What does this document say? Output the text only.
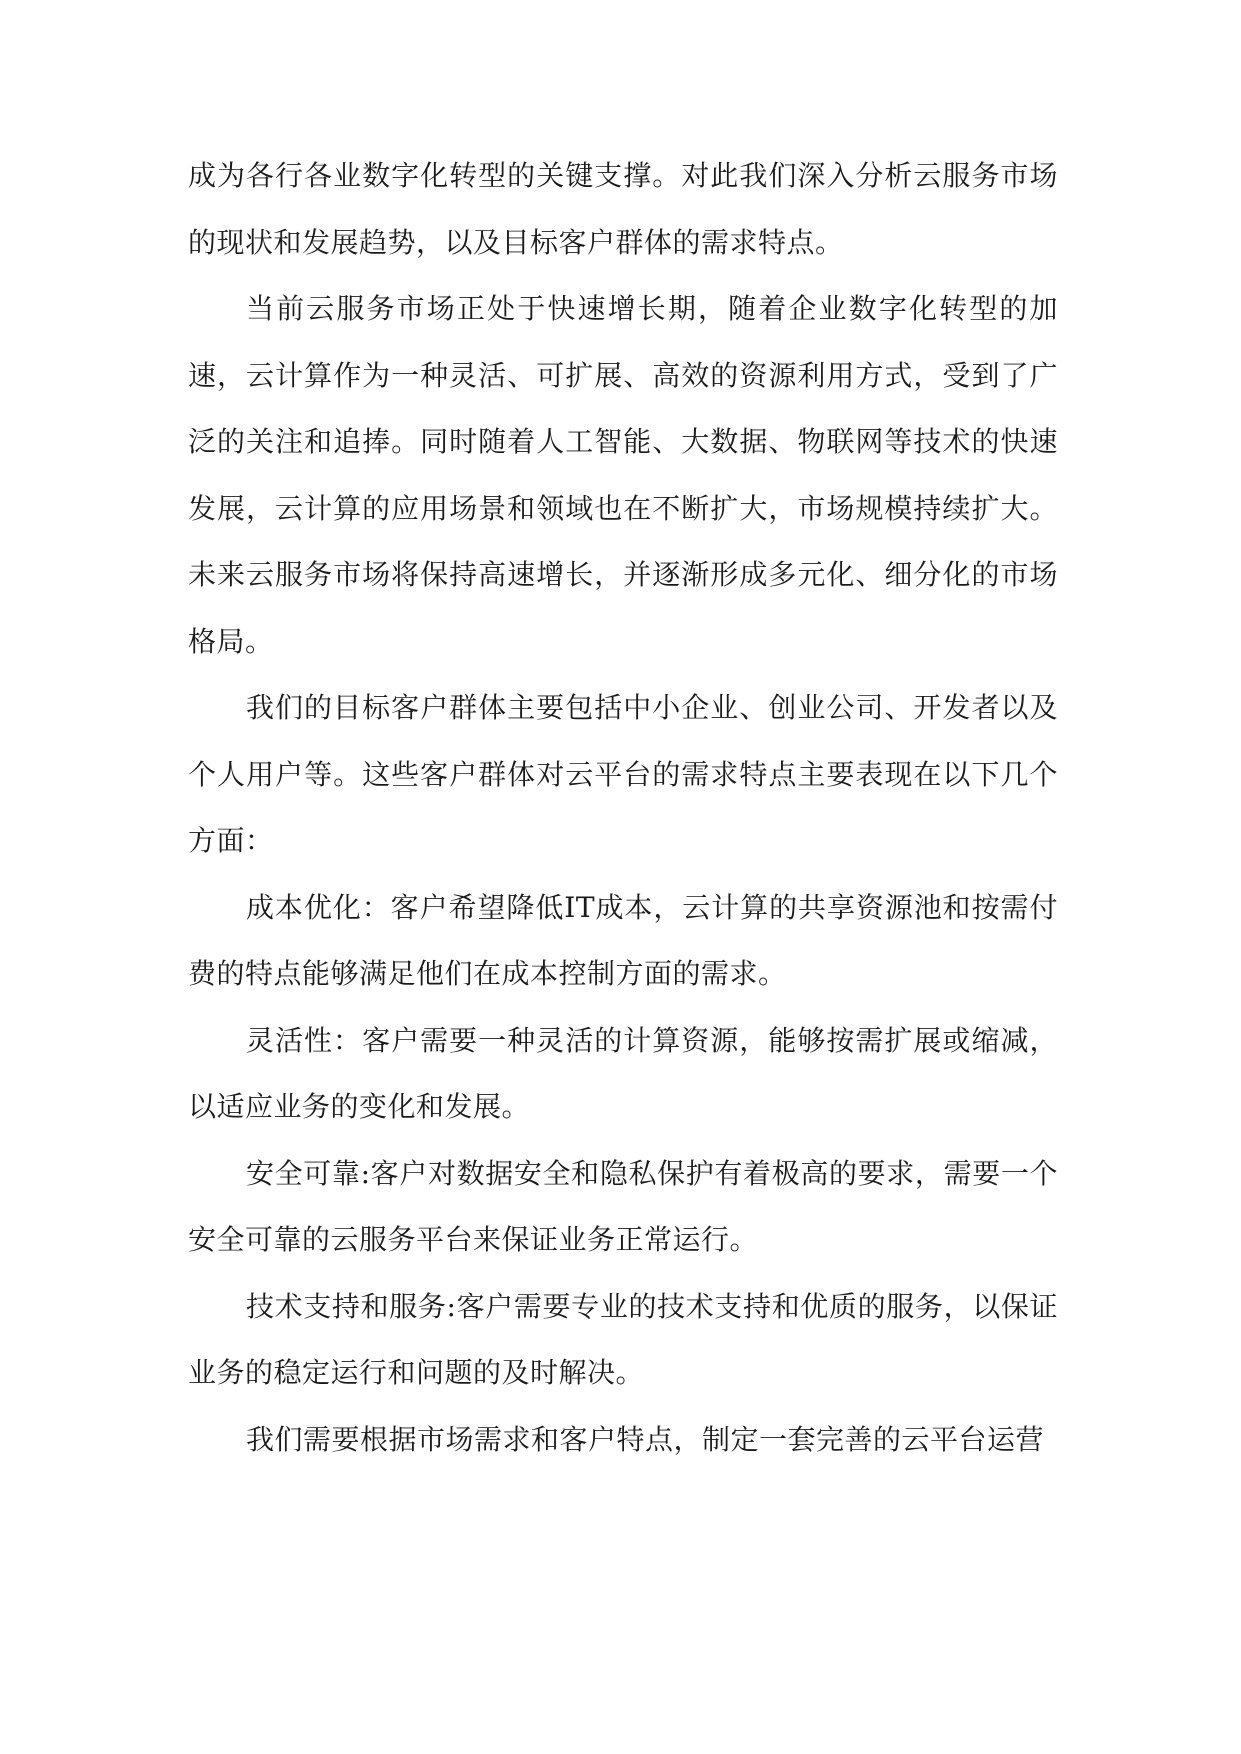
成为各行各业数字化转型的关键支撑。对此我们深入分析云服务市场的现状和发展趋势，以及目标客户群体的需求特点。

当前云服务市场正处于快速增长期，随着企业数字化转型的加速，云计算作为一种灵活、可扩展、高效的资源利用方式，受到了广泛的关注和追捧。同时随着人工智能、大数据、物联网等技术的快速发展，云计算的应用场景和领域也在不断扩大，市场规模持续扩大。未来云服务市场将保持高速增长，并逐渐形成多元化、细分化的市场格局。

我们的目标客户群体主要包括中小企业、创业公司、开发者以及个人用户等。这些客户群体对云平台的需求特点主要表现在以下几个方面：

成本优化：客户希望降低IT成本，云计算的共享资源池和按需付费的特点能够满足他们在成本控制方面的需求。

灵活性：客户需要一种灵活的计算资源，能够按需扩展或缩减，以适应业务的变化和发展。

安全可靠:客户对数据安全和隐私保护有着极高的要求，需要一个安全可靠的云服务平台来保证业务正常运行。

技术支持和服务:客户需要专业的技术支持和优质的服务，以保证业务的稳定运行和问题的及时解决。

我们需要根据市场需求和客户特点，制定一套完善的云平台运营
